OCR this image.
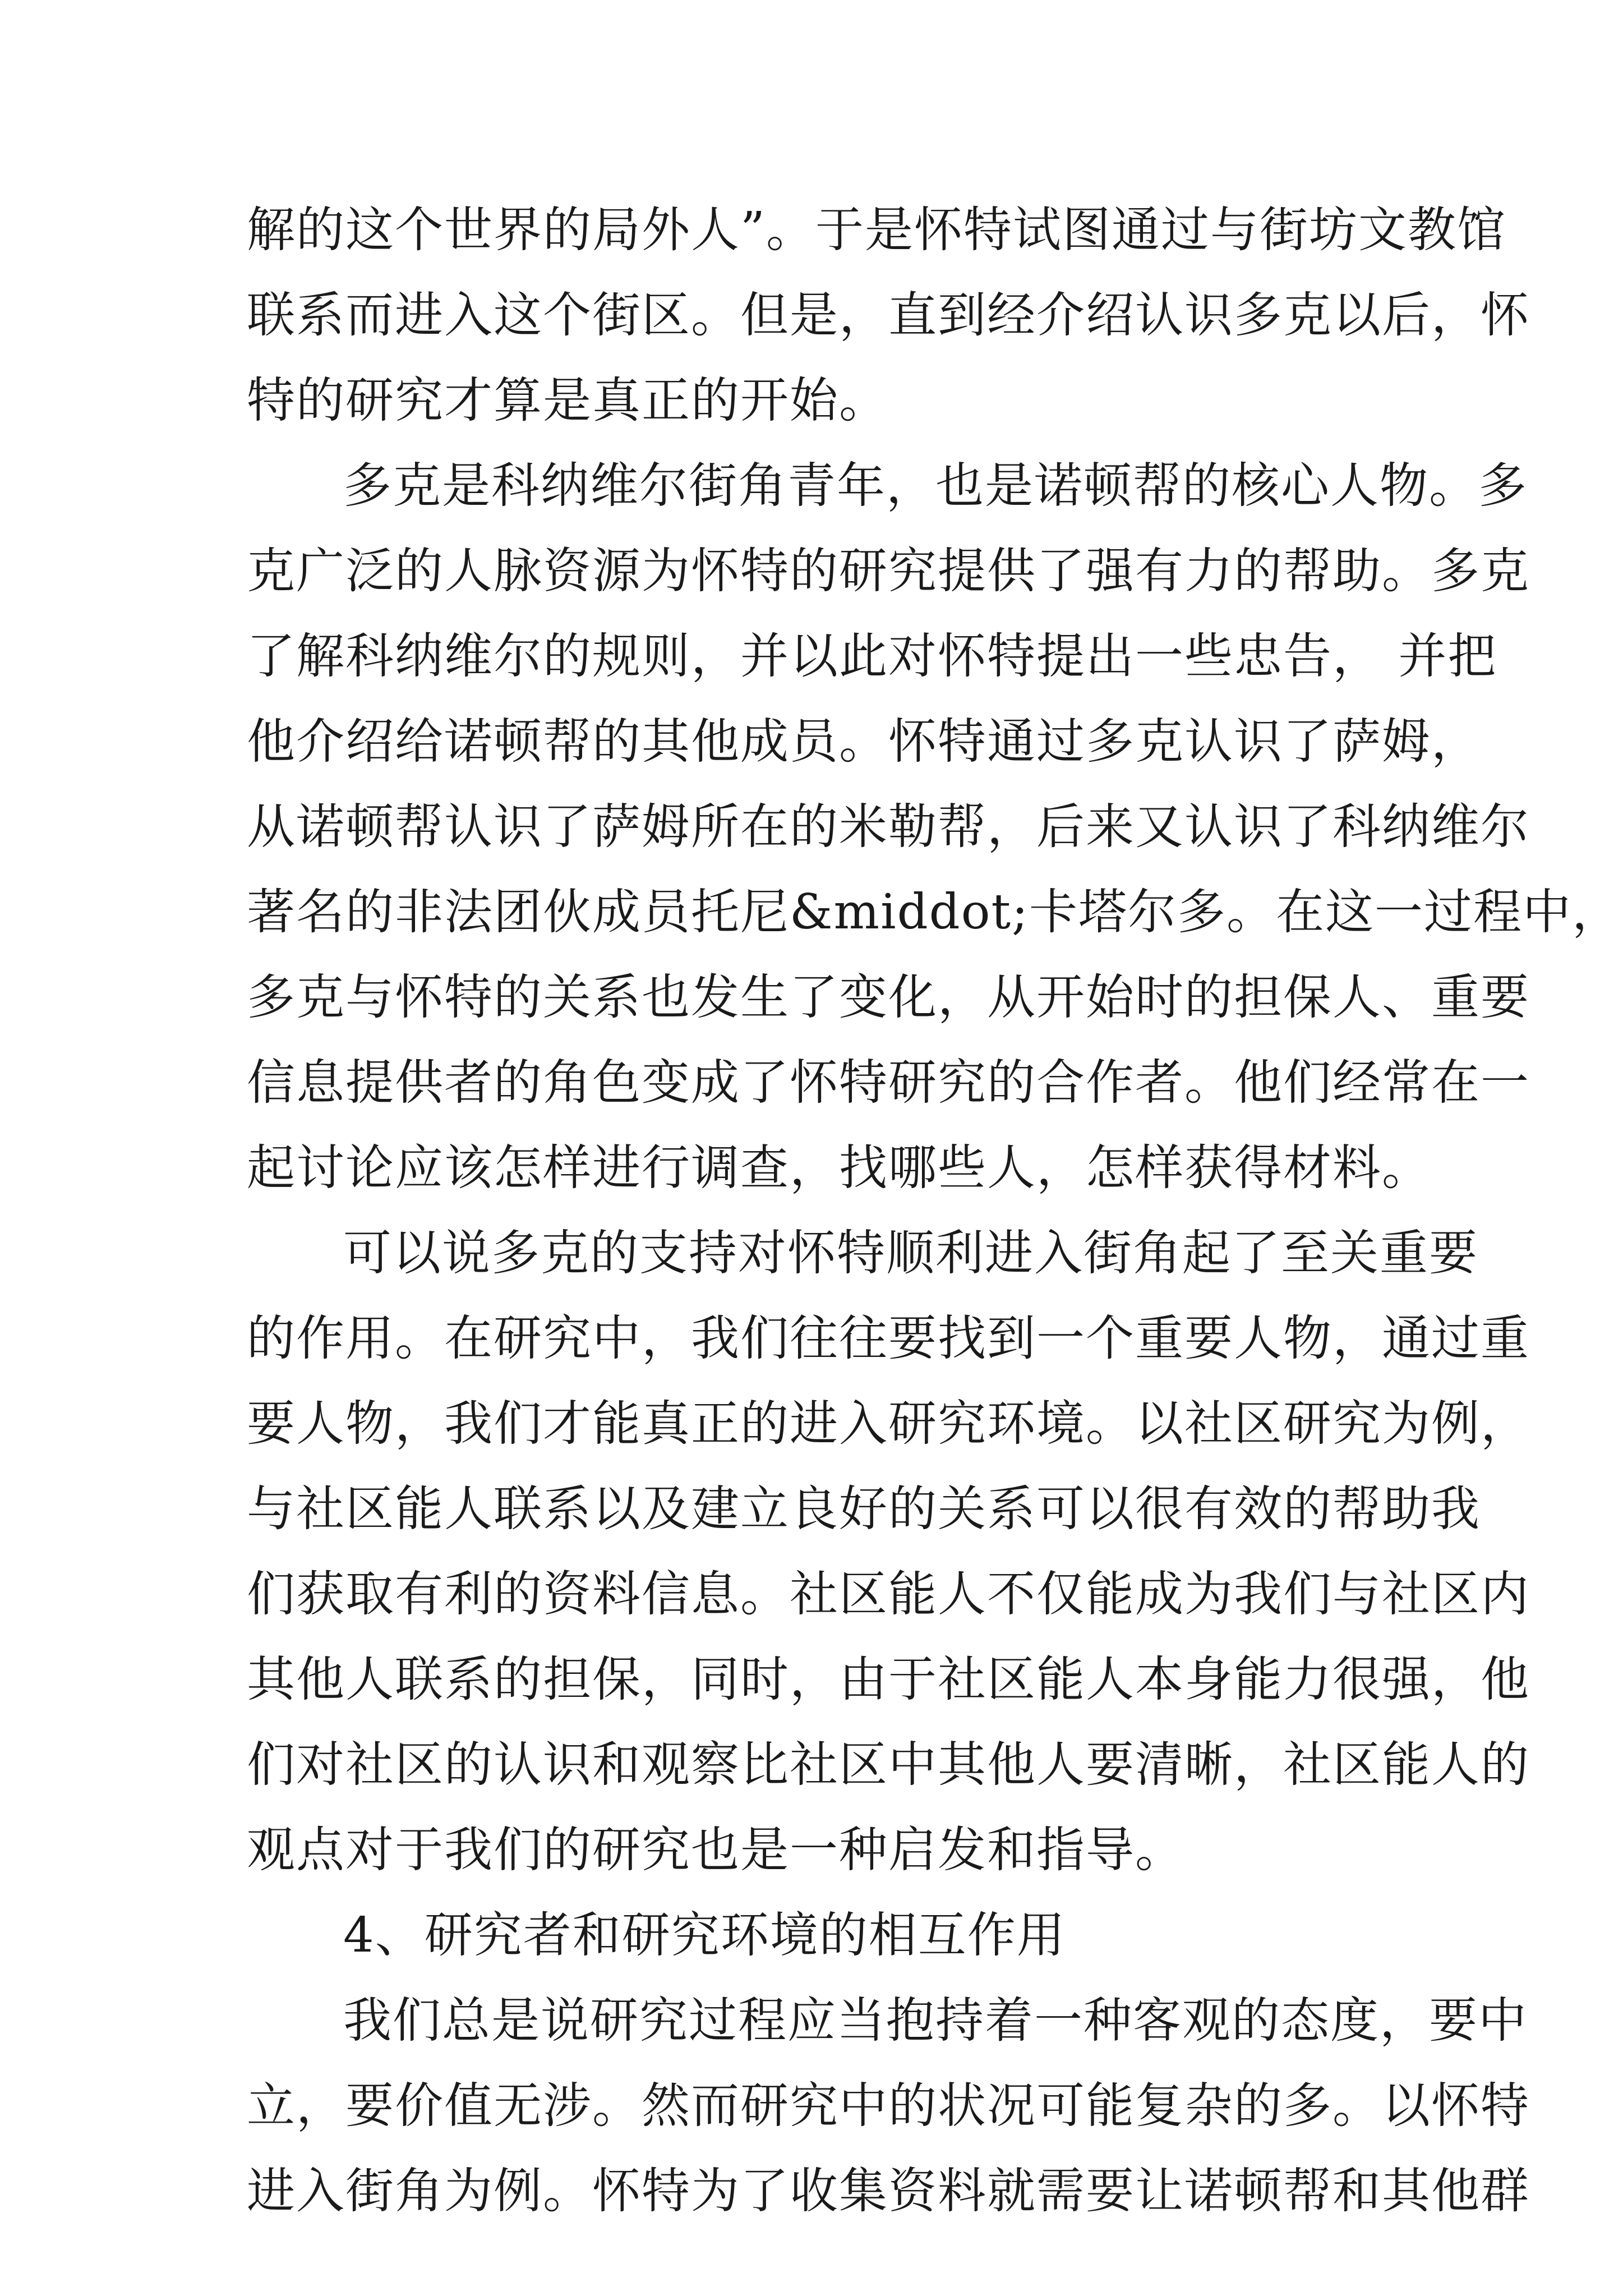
解的这个世界的局外人”。于是怀特试图通过与街坊文教馆
联系而进入这个街区。但是，直到经介绍认识多克以后，怀
特的研究才算是真正的开始。
多克是科纳维尔街角青年，也是诺顿帮的核心人物。多
克广泛的人脉资源为怀特的研究提供了强有力的帮助。多克
了解科纳维尔的规则，并以此对怀特提出一些忠告， 并把
他介绍给诺顿帮的其他成员。怀特通过多克认识了萨姆，
从诺顿帮认识了萨姆所在的米勒帮，后来又认识了科纳维尔
著名的非法团伙成员托尼&middot;卡塔尔多。在这一过程中，
多克与怀特的关系也发生了变化，从开始时的担保人、重要
信息提供者的角色变成了怀特研究的合作者。他们经常在一
起讨论应该怎样进行调查，找哪些人，怎样获得材料。
可以说多克的支持对怀特顺利进入街角起了至关重要
的作用。在研究中，我们往往要找到一个重要人物，通过重
要人物，我们才能真正的进入研究环境。以社区研究为例，
与社区能人联系以及建立良好的关系可以很有效的帮助我
们获取有利的资料信息。社区能人不仅能成为我们与社区内
其他人联系的担保，同时，由于社区能人本身能力很强，他
们对社区的认识和观察比社区中其他人要清晰，社区能人的
观点对于我们的研究也是一种启发和指导。
4、研究者和研究环境的相互作用
我们总是说研究过程应当抱持着一种客观的态度，要中
立，要价值无涉。然而研究中的状况可能复杂的多。以怀特
进入街角为例。怀特为了收集资料就需要让诺顿帮和其他群
